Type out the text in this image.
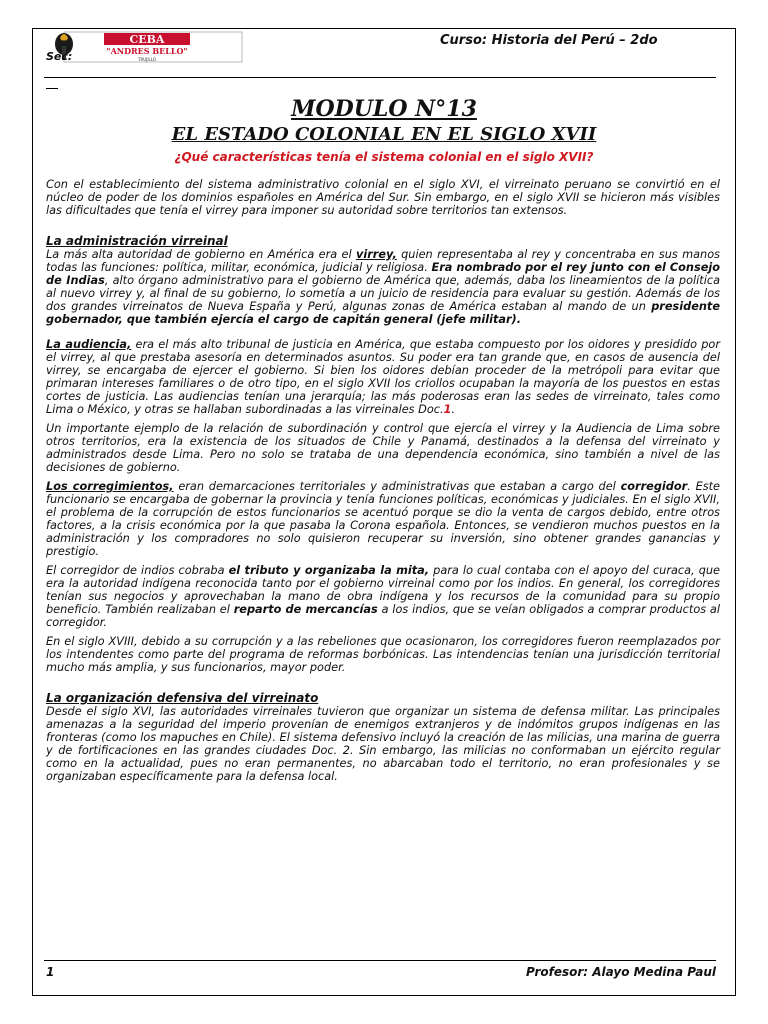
CEBA
"ANDRES BELLO"
TRUJILLO
Sec:
Curso: Historia del Perú – 2do
MODULO N°13
EL ESTADO COLONIAL EN EL SIGLO XVII
¿Qué características tenía el sistema colonial en el siglo XVII?

Con el establecimiento del sistema administrativo colonial en el siglo XVI, el virreinato peruano se convirtió en el núcleo de poder de los dominios españoles en América del Sur. Sin embargo, en el siglo XVII se hicieron más visibles las dificultades que tenía el virrey para imponer su autoridad sobre territorios tan extensos.

La administración virreinal

La más alta autoridad de gobierno en América era el virrey, quien representaba al rey y concentraba en sus manos todas las funciones: política, militar, económica, judicial y religiosa. Era nombrado por el rey junto con el Consejo de Indias, alto órgano administrativo para el gobierno de América que, además, daba los lineamientos de la política al nuevo virrey y, al final de su gobierno, lo sometía a un juicio de residencia para evaluar su gestión. Además de los dos grandes virreinatos de Nueva España y Perú, algunas zonas de América estaban al mando de un presidente gobernador, que también ejercía el cargo de capitán general (jefe militar).

La audiencia, era el más alto tribunal de justicia en América, que estaba compuesto por los oidores y presidido por el virrey, al que prestaba asesoría en determinados asuntos. Su poder era tan grande que, en casos de ausencia del virrey, se encargaba de ejercer el gobierno. Si bien los oidores debían proceder de la metrópoli para evitar que primaran intereses familiares o de otro tipo, en el siglo XVII los criollos ocupaban la mayoría de los puestos en estas cortes de justicia. Las audiencias tenían una jerarquía; las más poderosas eran las sedes de virreinato, tales como Lima o México, y otras se hallaban subordinadas a las virreinales Doc.1.

Un importante ejemplo de la relación de subordinación y control que ejercía el virrey y la Audiencia de Lima sobre otros territorios, era la existencia de los situados de Chile y Panamá, destinados a la defensa del virreinato y administrados desde Lima. Pero no solo se trataba de una dependencia económica, sino también a nivel de las decisiones de gobierno.

Los corregimientos, eran demarcaciones territoriales y administrativas que estaban a cargo del corregidor. Este funcionario se encargaba de gobernar la provincia y tenía funciones políticas, económicas y judiciales. En el siglo XVII, el problema de la corrupción de estos funcionarios se acentuó porque se dio la venta de cargos debido, entre otros factores, a la crisis económica por la que pasaba la Corona española. Entonces, se vendieron muchos puestos en la administración y los compradores no solo quisieron recuperar su inversión, sino obtener grandes ganancias y prestigio.

El corregidor de indios cobraba el tributo y organizaba la mita, para lo cual contaba con el apoyo del curaca, que era la autoridad indígena reconocida tanto por el gobierno virreinal como por los indios. En general, los corregidores tenían sus negocios y aprovechaban la mano de obra indígena y los recursos de la comunidad para su propio beneficio. También realizaban el reparto de mercancías a los indios, que se veían obligados a comprar productos al corregidor.

En el siglo XVIII, debido a su corrupción y a las rebeliones que ocasionaron, los corregidores fueron reemplazados por los intendentes como parte del programa de reformas borbónicas. Las intendencias tenían una jurisdicción territorial mucho más amplia, y sus funcionarios, mayor poder.

La organización defensiva del virreinato

Desde el siglo XVI, las autoridades virreinales tuvieron que organizar un sistema de defensa militar. Las principales amenazas a la seguridad del imperio provenían de enemigos extranjeros y de indómitos grupos indígenas en las fronteras (como los mapuches en Chile). El sistema defensivo incluyó la creación de las milicias, una marina de guerra y de fortificaciones en las grandes ciudades Doc. 2. Sin embargo, las milicias no conformaban un ejército regular como en la actualidad, pues no eran permanentes, no abarcaban todo el territorio, no eran profesionales y se organizaban específicamente para la defensa local.

1	Profesor: Alayo Medina Paul
